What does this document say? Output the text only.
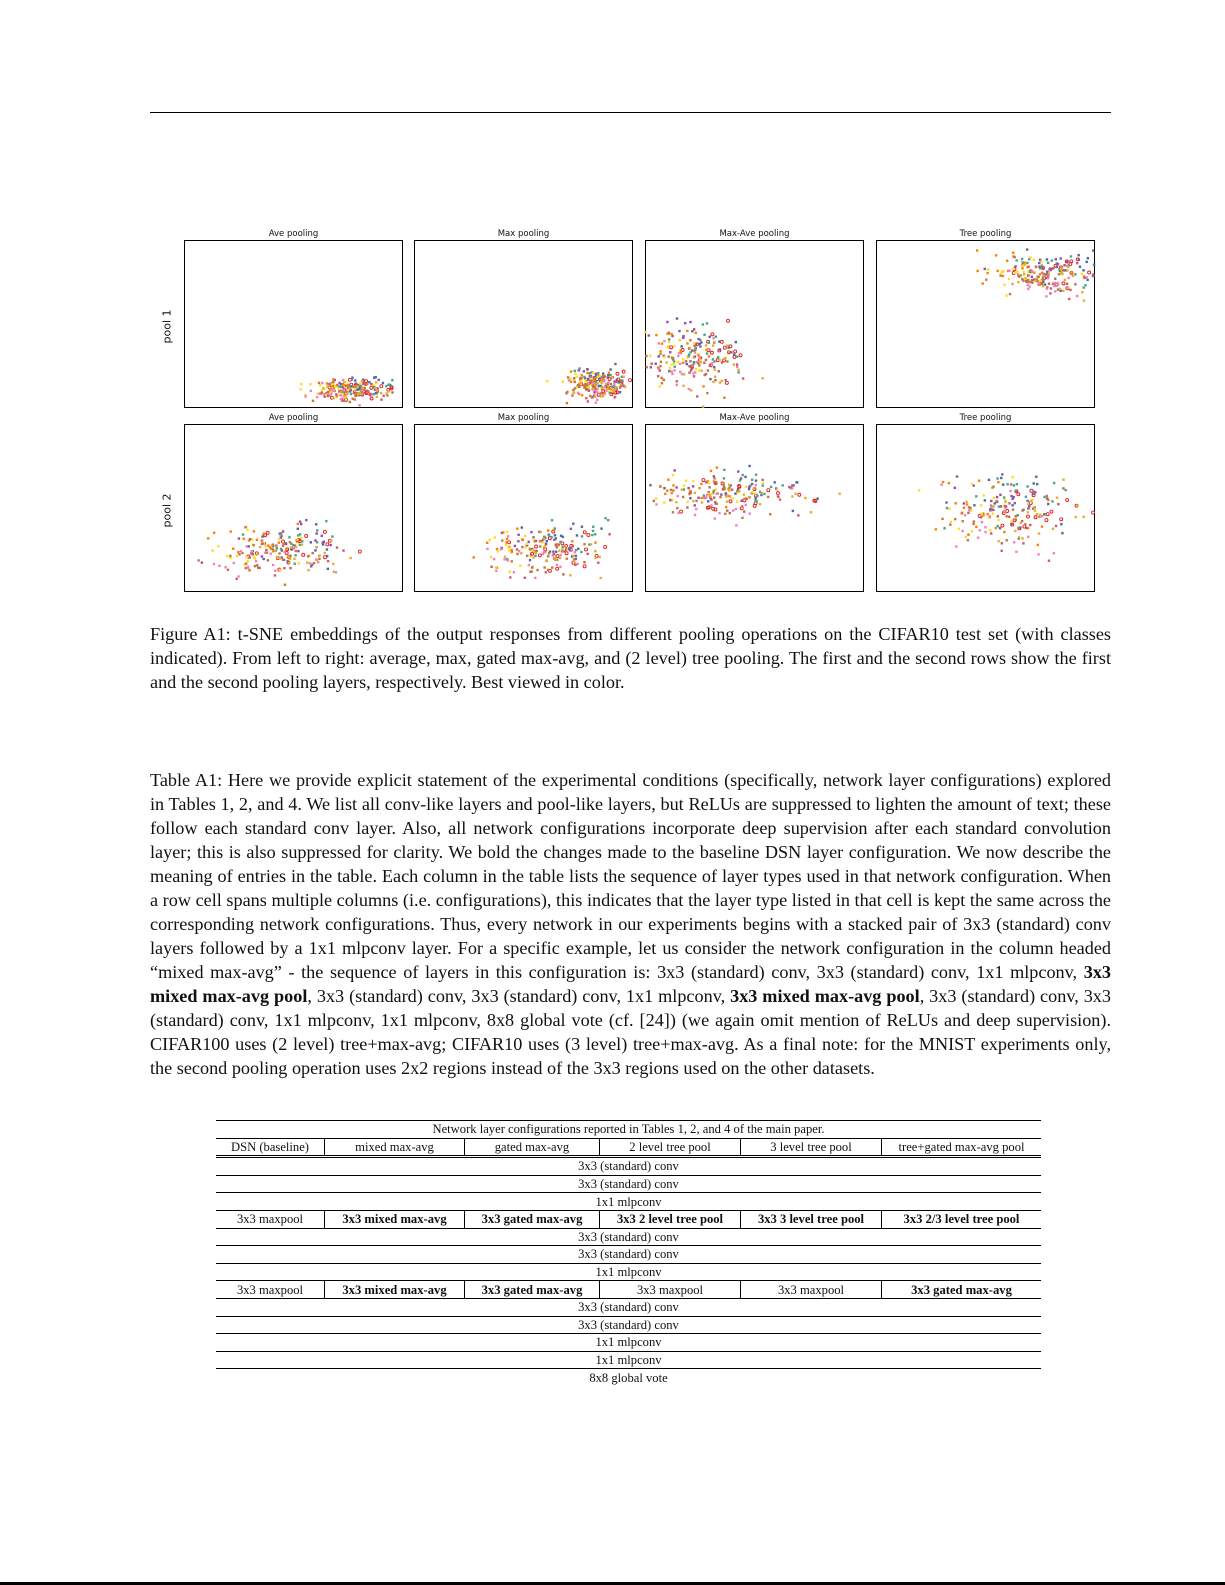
pool 1
pool 2
Ave pooling	Max pooling	Max-Ave pooling	Tree pooling
Ave pooling	Max pooling	Max-Ave pooling	Tree pooling
Figure A1: t-SNE embeddings of the output responses from different pooling operations on the CIFAR10 test set (with classes indicated). From left to right: average, max, gated max-avg, and (2 level) tree pooling. The first and the second rows show the first and the second pooling layers, respectively. Best viewed in color.
Table A1: Here we provide explicit statement of the experimental conditions (specifically, network layer configurations) explored in Tables 1, 2, and 4. We list all conv-like layers and pool-like layers, but ReLUs are suppressed to lighten the amount of text; these follow each standard conv layer. Also, all network configurations incorporate deep supervision after each standard convolution layer; this is also suppressed for clarity. We bold the changes made to the baseline DSN layer configuration. We now describe the meaning of entries in the table. Each column in the table lists the sequence of layer types used in that network configuration. When a row cell spans multiple columns (i.e. configurations), this indicates that the layer type listed in that cell is kept the same across the corresponding network configurations. Thus, every network in our experiments begins with a stacked pair of 3x3 (standard) conv layers followed by a 1x1 mlpconv layer. For a specific example, let us consider the network configuration in the column headed “mixed max-avg” - the sequence of layers in this configuration is: 3x3 (standard) conv, 3x3 (standard) conv, 1x1 mlpconv, 3x3 mixed max-avg pool, 3x3 (standard) conv, 3x3 (standard) conv, 1x1 mlpconv, 3x3 mixed max-avg pool, 3x3 (standard) conv, 3x3 (standard) conv, 1x1 mlpconv, 1x1 mlpconv, 8x8 global vote (cf. [24]) (we again omit mention of ReLUs and deep supervision). CIFAR100 uses (2 level) tree+max-avg; CIFAR10 uses (3 level) tree+max-avg. As a final note: for the MNIST experiments only, the second pooling operation uses 2x2 regions instead of the 3x3 regions used on the other datasets.
Network layer configurations reported in Tables 1, 2, and 4 of the main paper.					
DSN (baseline)	mixed max-avg	gated max-avg	2 level tree pool	3 level tree pool	tree+gated max-avg pool
3x3 (standard) conv					
3x3 (standard) conv					
1x1 mlpconv					
3x3 maxpool	3x3 mixed max-avg	3x3 gated max-avg	3x3 2 level tree pool	3x3 3 level tree pool	3x3 2/3 level tree pool
3x3 (standard) conv					
3x3 (standard) conv					
1x1 mlpconv					
3x3 maxpool	3x3 mixed max-avg	3x3 gated max-avg	3x3 maxpool	3x3 maxpool	3x3 gated max-avg
3x3 (standard) conv					
3x3 (standard) conv					
1x1 mlpconv					
1x1 mlpconv					
8x8 global vote					
